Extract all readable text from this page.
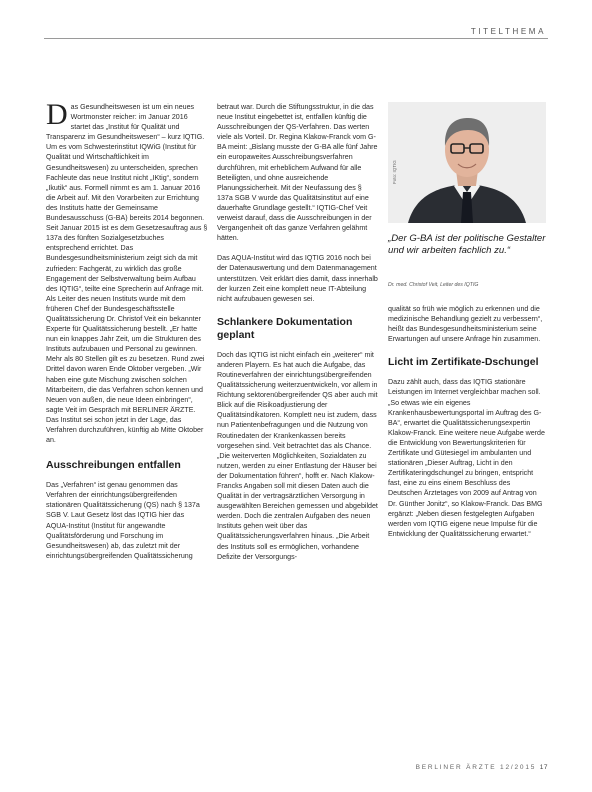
TITELTHEMA

Das Gesundheitswesen ist um ein neues Wortmonster reicher: im Januar 2016 startet das „Institut für Qualität und Transparenz im Gesundheitswesen“ – kurz IQTIG. Um es vom Schwesterinstitut IQWiG (Institut für Qualität und Wirtschaftlichkeit im Gesundheitswesen) zu unterscheiden, sprechen Fachleute das neue Institut nicht „IKtig“, sondern „Ikutik“ aus. Formell nimmt es am 1. Januar 2016 die Arbeit auf. Mit den Vorarbeiten zur Errichtung des Instituts hatte der Gemeinsame Bundesausschuss (G-BA) bereits 2014 begonnen. Seit Januar 2015 ist es dem Gesetzesauftrag aus § 137a des fünften Sozialgesetzbuches entsprechend errichtet. Das Bundesgesundheitsministerium zeigt sich da mit zufrieden: Fachgerät, zu wirklich das große Engagement der Selbstverwaltung beim Aufbau des IQTIG“, teilte eine Sprecherin auf Anfrage mit.

Als Leiter des neuen Instituts wurde mit dem früheren Chef der Bundesgeschäftsstelle Qualitätssicherung Dr. Christof Veit ein bekannter Experte für Qualitätssicherung bestellt. „Er hatte nun ein knappes Jahr Zeit, um die Strukturen des Instituts aufzubauen und Personal zu gewinnen. Mehr als 80 Stellen gilt es zu besetzen. Rund zwei Drittel davon waren Ende Oktober vergeben. „Wir haben eine gute Mischung zwischen solchen Mitarbeitern, die das Verfahren schon kennen und Neuen von außen, die neue Ideen einbringen“, sagte Veit im Gespräch mit BERLINER ÄRZTE. Das Institut sei schon jetzt in der Lage, das Verfahren durchzuführen, künftig ab Mitte Oktober an.

Ausschreibungen entfallen

Das „Verfahren“ ist genau genommen das Verfahren der einrichtungsübergreifenden stationären Qualitätssicherung (QS) nach § 137a SGB V. Laut Gesetz löst das IQTIG hier das AQUA-Institut (Institut für angewandte Qualitätsförderung und Forschung im Gesundheitswesen) ab, das zuletzt mit der einrichtungsübergreifenden Qualitätssicherung

betraut war. Durch die Stiftungsstruktur, in die das neue Institut eingebettet ist, entfallen künftig die Ausschreibungen der QS-Verfahren. Das werten viele als Vorteil. Dr. Regina Klakow-Franck vom G-BA meint: „Bislang musste der G-BA alle fünf Jahre ein europaweites Ausschreibungsverfahren durchführen, mit erheblichem Aufwand für alle Beteiligten, und ohne ausreichende Planungssicherheit. Mit der Neufassung des § 137a SGB V wurde das Qualitätsinstitut auf eine dauerhafte Grundlage gestellt.“ IQTIG-Chef Veit verweist darauf, dass die Ausschreibungen in der Vergangenheit oft das ganze Verfahren gelähmt hätten.

Das AQUA-Institut wird das IQTIG 2016 noch bei der Datenauswertung und dem Datenmanagement unterstützen. Veit erklärt dies damit, dass innerhalb der kurzen Zeit eine komplett neue IT-Abteilung nicht aufzubauen gewesen sei.

Schlankere Dokumentation geplant

Doch das IQTIG ist nicht einfach ein „weiterer“ mit anderen Playern. Es hat auch die Aufgabe, das Routineverfahren der einrichtungsübergreifenden Qualitätssicherung weiterzuentwickeln, vor allem in Richtung sektorenübergreifender QS aber auch mit Blick auf die Risikoadjustierung der Qualitätsindikatoren. Komplett neu ist zudem, dass nun Patientenbefragungen und die Nutzung von Routinedaten der Krankenkassen bereits vorgesehen sind. Veit betrachtet das als Chance. „Die weiterverten Möglichkeiten, Sozialdaten zu nutzen, werden zu einer Entlastung der Häuser bei der Dokumentation führen“, hofft er. Nach Klakow-Francks Angaben soll mit diesen Daten auch die Qualität in der vertragsärztlichen Versorgung in ausgewählten Bereichen gemessen und abgebildet werden. Doch die zentralen Aufgaben des neuen Instituts gehen weit über das Qualitätssicherungsverfahren hinaus. „Die Arbeit des Instituts soll es ermöglichen, vorhandene Defizite der Versorgungs-

Foto: IQTIG
„Der G-BA ist der politische Gestalter und wir arbeiten fachlich zu.“
Dr. med. Christof Veit, Leiter des IQTIG

qualität so früh wie möglich zu erkennen und die medizinische Behandlung gezielt zu verbessern“, heißt das Bundesgesundheitsministerium seine Erwartungen auf unsere Anfrage hin zusammen.

Licht im Zertifikate-Dschungel

Dazu zählt auch, dass das IQTIG stationäre Leistungen im Internet vergleichbar machen soll. „So etwas wie ein eigenes Krankenhausbewertungsportal im Auftrag des G-BA“, erwartet die Qualitätssicherungsexpertin Klakow-Franck. Eine weitere neue Aufgabe werde die Entwicklung von Bewertungskriterien für Zertifikate und Gütesiegel im ambulanten und stationären „Dieser Auftrag, Licht in den Zertifikateringdschungel zu bringen, entspricht fast, eine zu eins einem Beschluss des Deutschen Ärztetages von 2009 auf Antrag von Dr. Günther Jonitz“, so Klakow-Franck. Das BMG ergänzt: „Neben diesen festgelegten Aufgaben werden vom IQTIG eigene neue Impulse für die Entwicklung der Qualitätssicherung erwartet.“

BERLINER ÄRZTE 12/2015 17
